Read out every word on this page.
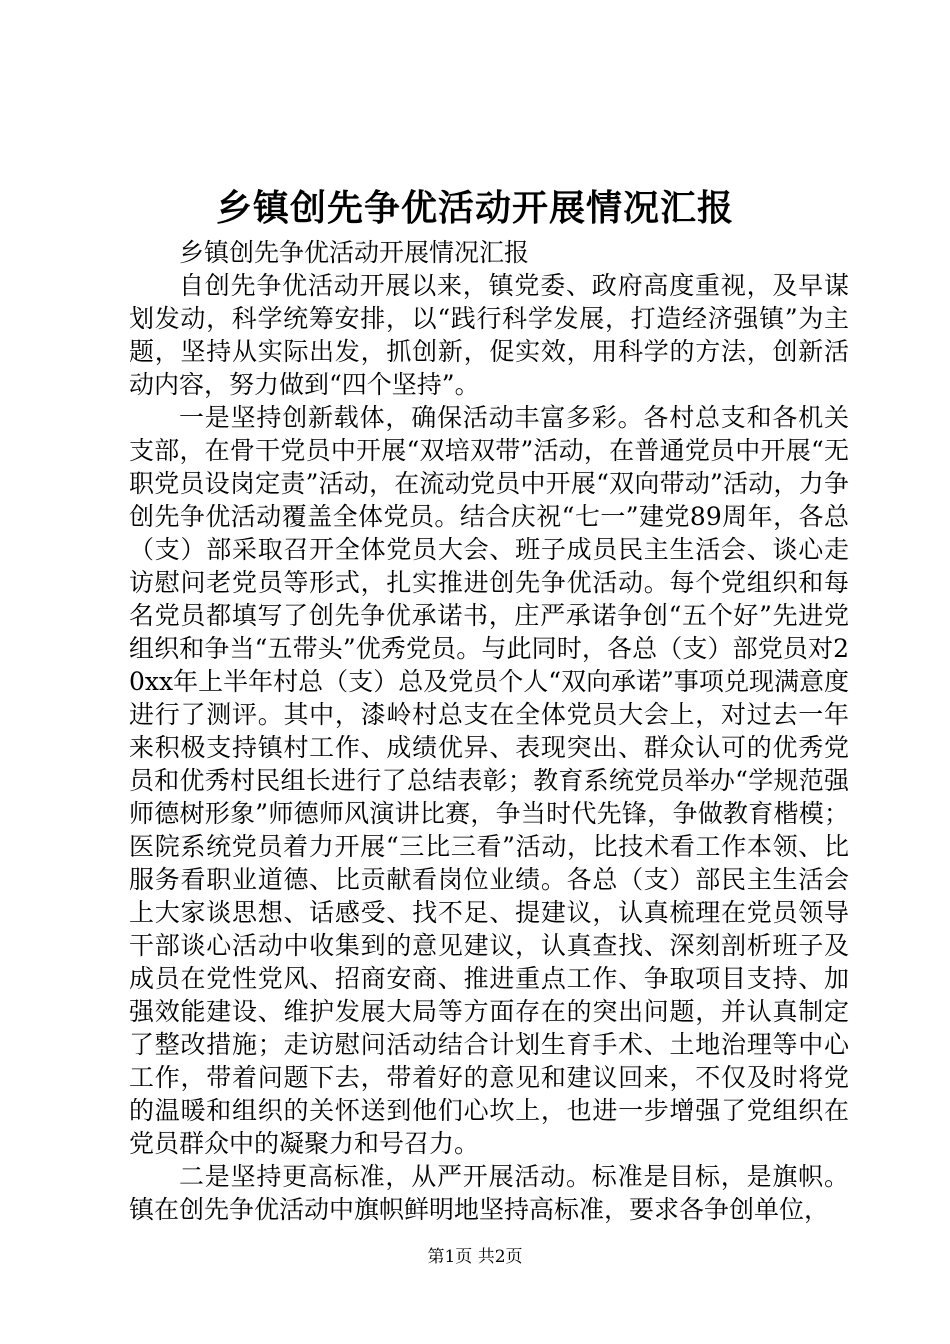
乡镇创先争优活动开展情况汇报

乡镇创先争优活动开展情况汇报

自创先争优活动开展以来，镇党委、政府高度重视，及早谋划发动，科学统筹安排，以“践行科学发展，打造经济强镇”为主题，坚持从实际出发，抓创新，促实效，用科学的方法，创新活动内容，努力做到“四个坚持”。

一是坚持创新载体，确保活动丰富多彩。各村总支和各机关支部，在骨干党员中开展“双培双带”活动，在普通党员中开展“无职党员设岗定责”活动，在流动党员中开展“双向带动”活动，力争创先争优活动覆盖全体党员。结合庆祝“七一”建党89周年，各总（支）部采取召开全体党员大会、班子成员民主生活会、谈心走访慰问老党员等形式，扎实推进创先争优活动。每个党组织和每名党员都填写了创先争优承诺书，庄严承诺争创“五个好”先进党组织和争当“五带头”优秀党员。与此同时，各总（支）部党员对20xx年上半年村总（支）总及党员个人“双向承诺”事项兑现满意度进行了测评。其中，漆岭村总支在全体党员大会上，对过去一年来积极支持镇村工作、成绩优异、表现突出、群众认可的优秀党员和优秀村民组长进行了总结表彰；教育系统党员举办“学规范强师德树形象”师德师风演讲比赛，争当时代先锋，争做教育楷模；医院系统党员着力开展“三比三看”活动，比技术看工作本领、比服务看职业道德、比贡献看岗位业绩。各总（支）部民主生活会上大家谈思想、话感受、找不足、提建议，认真梳理在党员领导干部谈心活动中收集到的意见建议，认真查找、深刻剖析班子及成员在党性党风、招商安商、推进重点工作、争取项目支持、加强效能建设、维护发展大局等方面存在的突出问题，并认真制定了整改措施；走访慰问活动结合计划生育手术、土地治理等中心工作，带着问题下去，带着好的意见和建议回来，不仅及时将党的温暖和组织的关怀送到他们心坎上，也进一步增强了党组织在党员群众中的凝聚力和号召力。

二是坚持更高标准，从严开展活动。标准是目标，是旗帜。镇在创先争优活动中旗帜鲜明地坚持高标准，要求各争创单位，

第1页 共2页
